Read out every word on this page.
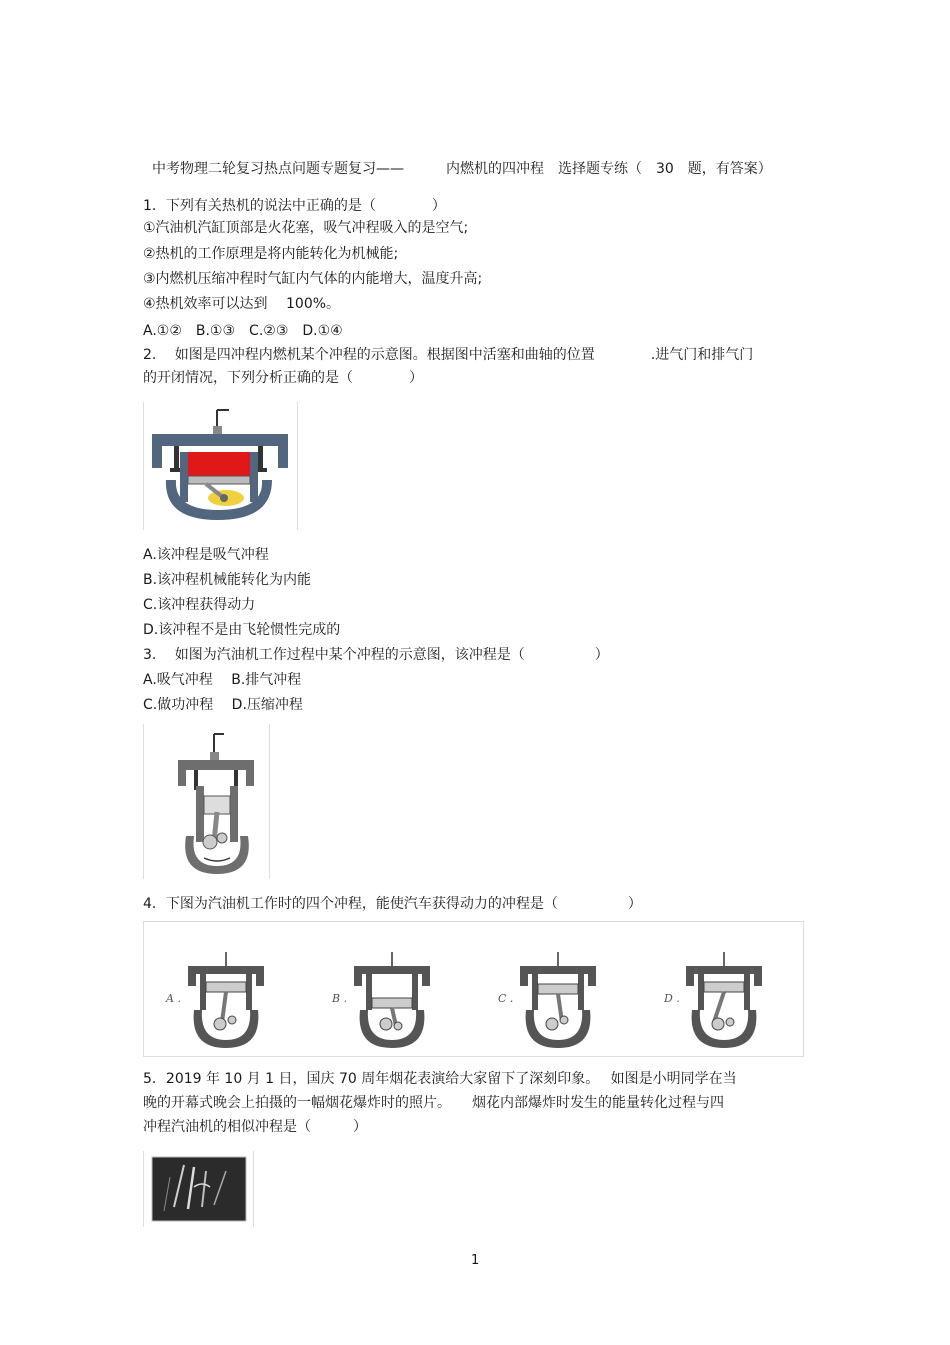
中考物理二轮复习热点问题专题复习——　　　内燃机的四冲程　选择题专练（　30　题，有答案）
1．下列有关热机的说法中正确的是（　　　　）
①汽油机汽缸顶部是火花塞，吸气冲程吸入的是空气;
②热机的工作原理是将内能转化为机械能;
③内燃机压缩冲程时气缸内气体的内能增大，温度升高;
④热机效率可以达到　 100%。
A.①②　B.①③　C.②③　D.①④
2.　 如图是四冲程内燃机某个冲程的示意图。根据图中活塞和曲轴的位置　　　　.进气门和排气门
的开闭情况，下列分析正确的是（　　　　）
A.该冲程是吸气冲程
B.该冲程机械能转化为内能
C.该冲程获得动力
D.该冲程不是由飞轮惯性完成的
3.　 如图为汽油机工作过程中某个冲程的示意图，该冲程是（　　　　　）
A.吸气冲程　 B.排气冲程
C.做功冲程　 D.压缩冲程
4．下图为汽油机工作时的四个冲程，能使汽车获得动力的冲程是（　　　　　）
A .	B .	C .	D .
5．2019 年 10 月 1 日，国庆 70 周年烟花表演给大家留下了深刻印象。　 如图是小明同学在当
晚的开幕式晚会上拍摄的一幅烟花爆炸时的照片。　　烟花内部爆炸时发生的能量转化过程与四
冲程汽油机的相似冲程是（　　　）
1
